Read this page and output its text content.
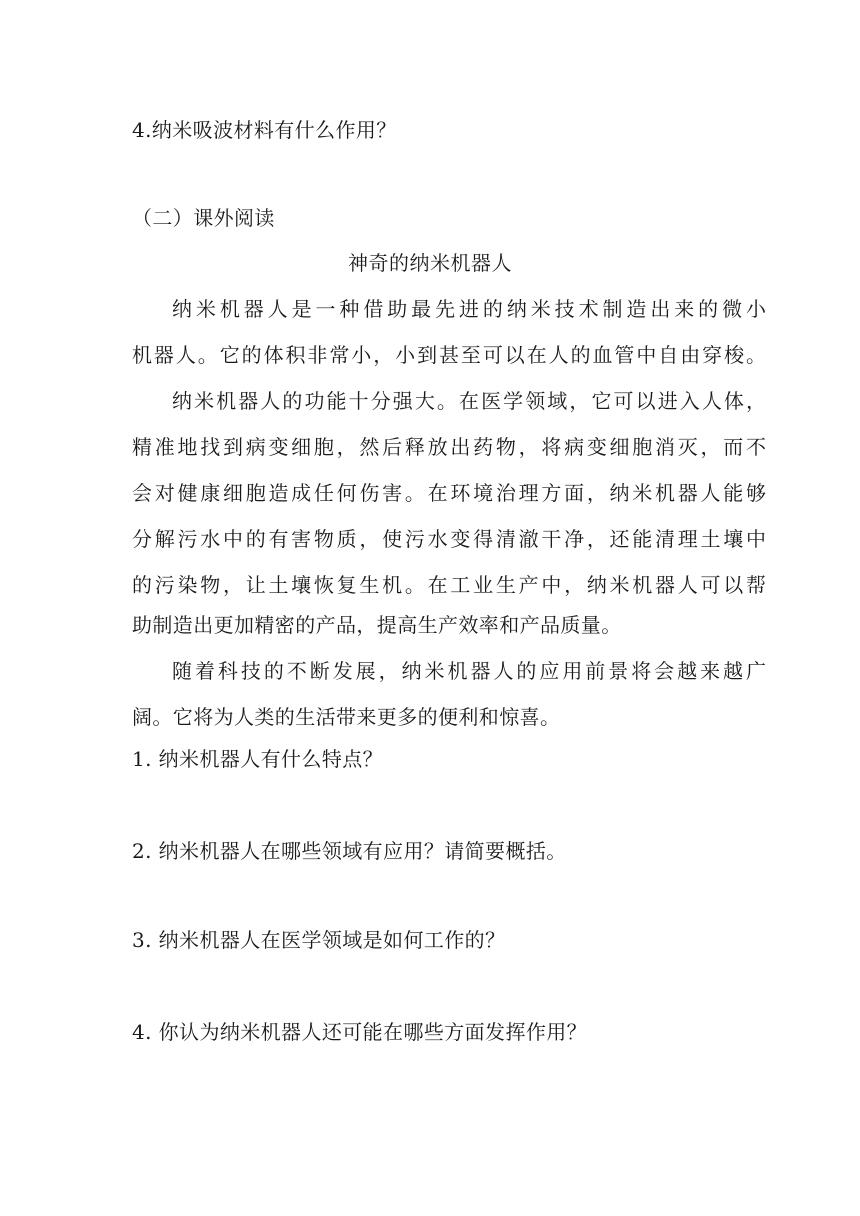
4.纳米吸波材料有什么作用？
（二）课外阅读
神奇的纳米机器人
纳米机器人是一种借助最先进的纳米技术制造出来的微小
机器人。它的体积非常小，小到甚至可以在人的血管中自由穿梭。
纳米机器人的功能十分强大。在医学领域，它可以进入人体，
精准地找到病变细胞，然后释放出药物，将病变细胞消灭，而不
会对健康细胞造成任何伤害。在环境治理方面，纳米机器人能够
分解污水中的有害物质，使污水变得清澈干净，还能清理土壤中
的污染物，让土壤恢复生机。在工业生产中，纳米机器人可以帮
助制造出更加精密的产品，提高生产效率和产品质量。
随着科技的不断发展，纳米机器人的应用前景将会越来越广
阔。它将为人类的生活带来更多的便利和惊喜。
1. 纳米机器人有什么特点？
2. 纳米机器人在哪些领域有应用？请简要概括。
3. 纳米机器人在医学领域是如何工作的？
4. 你认为纳米机器人还可能在哪些方面发挥作用？
